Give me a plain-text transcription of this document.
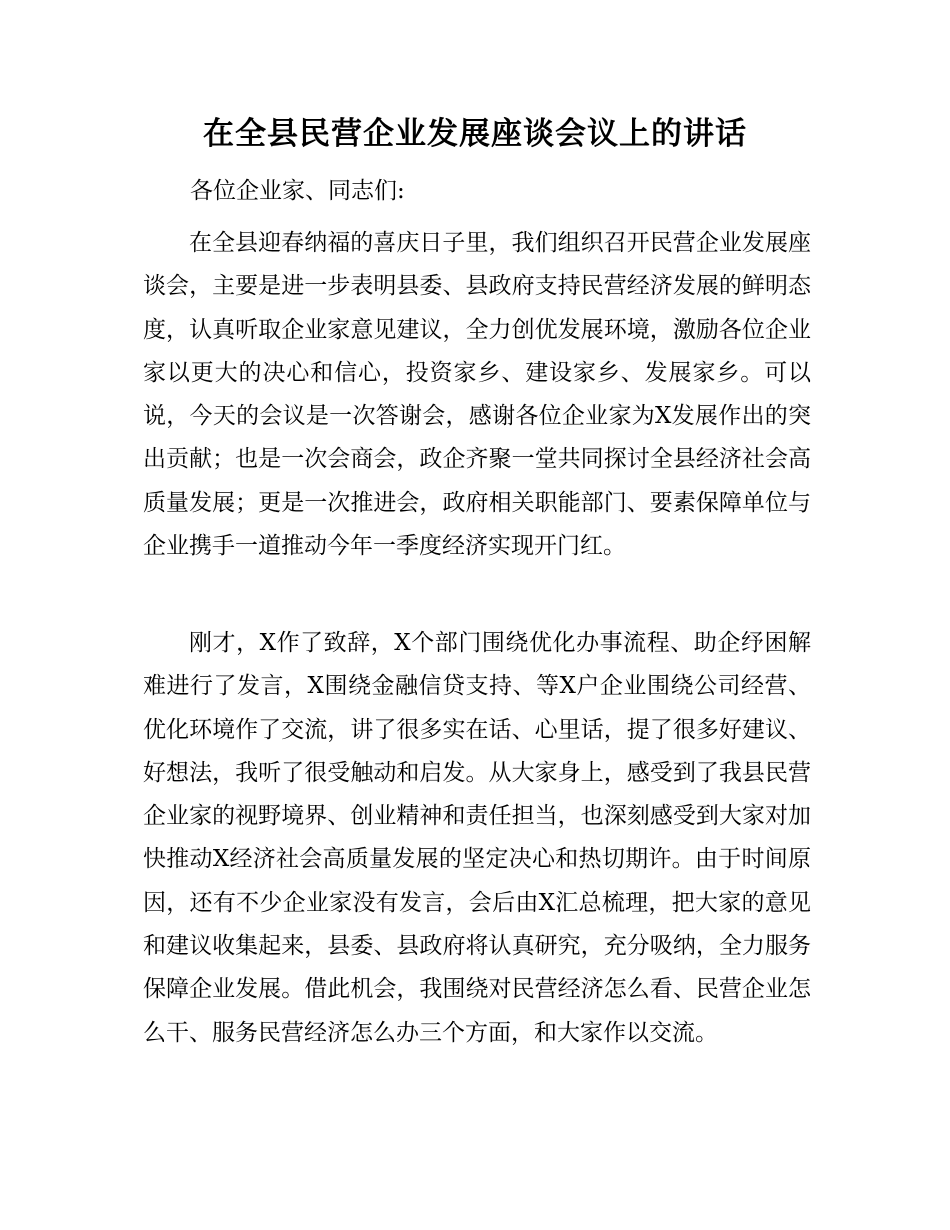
在全县民营企业发展座谈会议上的讲话

各位企业家、同志们:

在全县迎春纳福的喜庆日子里，我们组织召开民营企业发展座谈会，主要是进一步表明县委、县政府支持民营经济发展的鲜明态度，认真听取企业家意见建议，全力创优发展环境，激励各位企业家以更大的决心和信心，投资家乡、建设家乡、发展家乡。可以说，今天的会议是一次答谢会，感谢各位企业家为X发展作出的突出贡献；也是一次会商会，政企齐聚一堂共同探讨全县经济社会高质量发展；更是一次推进会，政府相关职能部门、要素保障单位与企业携手一道推动今年一季度经济实现开门红。

刚才，X作了致辞，X个部门围绕优化办事流程、助企纾困解难进行了发言，X围绕金融信贷支持、等X户企业围绕公司经营、优化环境作了交流，讲了很多实在话、心里话，提了很多好建议、好想法，我听了很受触动和启发。从大家身上，感受到了我县民营企业家的视野境界、创业精神和责任担当，也深刻感受到大家对加快推动X经济社会高质量发展的坚定决心和热切期许。由于时间原因，还有不少企业家没有发言，会后由X汇总梳理，把大家的意见和建议收集起来，县委、县政府将认真研究，充分吸纳，全力服务保障企业发展。借此机会，我围绕对民营经济怎么看、民营企业怎么干、服务民营经济怎么办三个方面，和大家作以交流。
